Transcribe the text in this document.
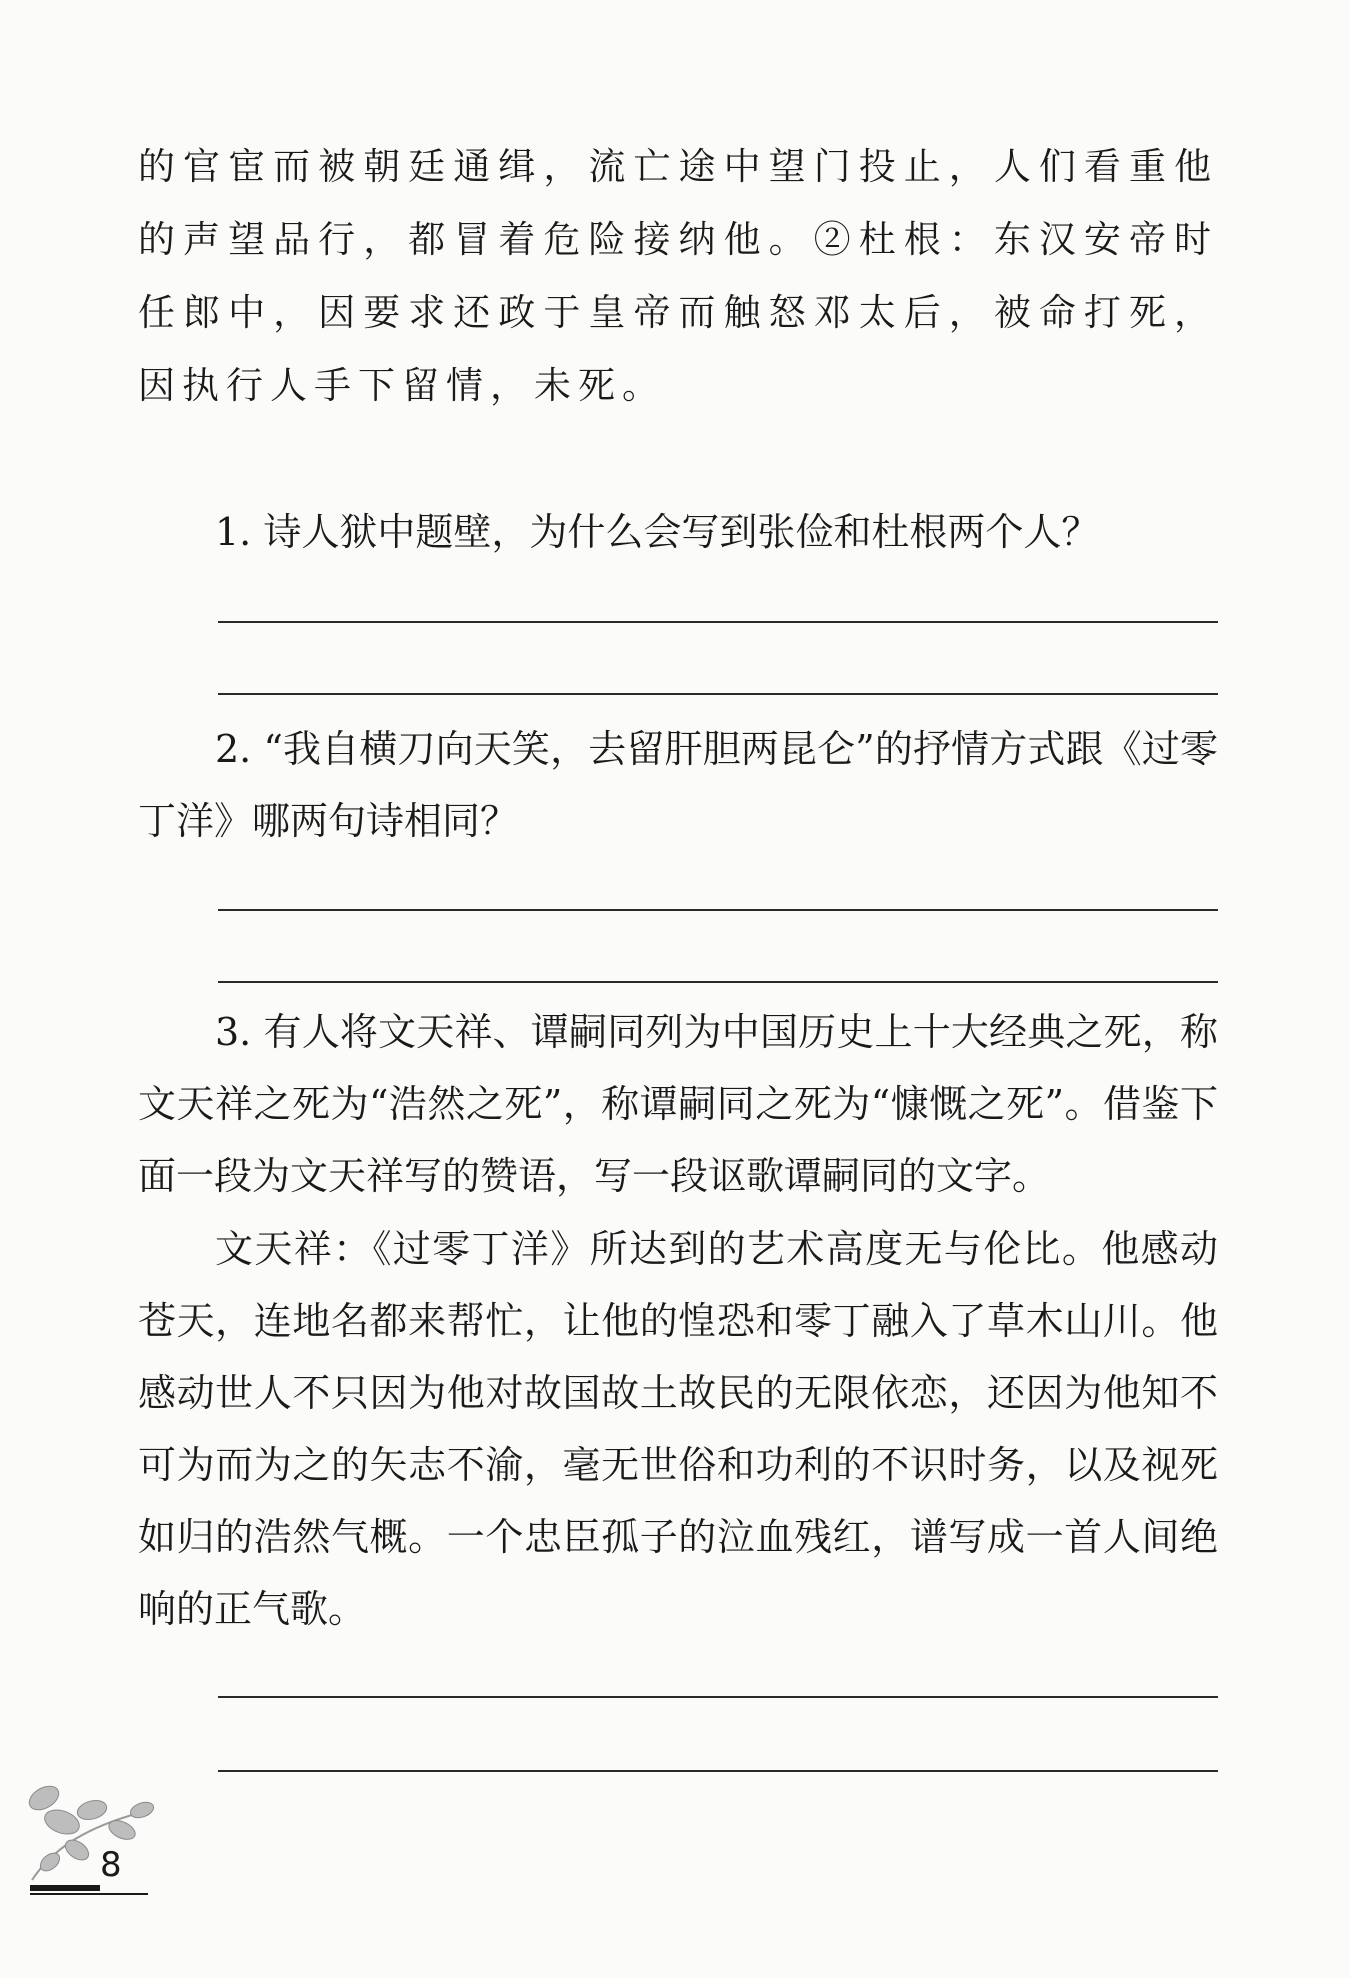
的官宦而被朝廷通缉，流亡途中望门投止，人们看重他的声望品行，都冒着危险接纳他。②杜根：东汉安帝时任郎中，因要求还政于皇帝而触怒邓太后，被命打死，因执行人手下留情，未死。
1. 诗人狱中题壁，为什么会写到张俭和杜根两个人？
2. “我自横刀向天笑，去留肝胆两昆仑”的抒情方式跟《过零丁洋》哪两句诗相同？
3. 有人将文天祥、谭嗣同列为中国历史上十大经典之死，称文天祥之死为“浩然之死”，称谭嗣同之死为“慷慨之死”。借鉴下面一段为文天祥写的赞语，写一段讴歌谭嗣同的文字。
文天祥：《过零丁洋》所达到的艺术高度无与伦比。他感动苍天，连地名都来帮忙，让他的惶恐和零丁融入了草木山川。他感动世人不只因为他对故国故土故民的无限依恋，还因为他知不可为而为之的矢志不渝，毫无世俗和功利的不识时务，以及视死如归的浩然气概。一个忠臣孤子的泣血残红，谱写成一首人间绝响的正气歌。
8
